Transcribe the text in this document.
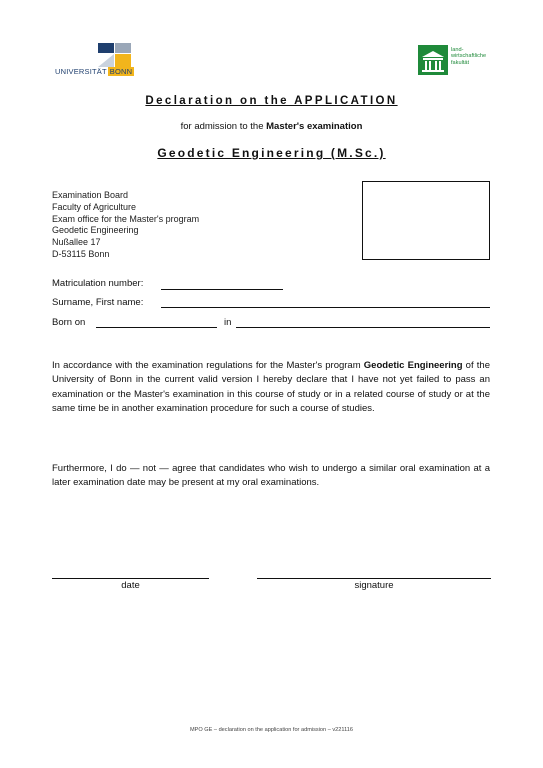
UNIVERSITÄT BONN
land-
wirtschaftliche
fakultät
Declaration on the APPLICATION
for admission to the Master's examination
Geodetic Engineering (M.Sc.)
Examination Board
Faculty of Agriculture
Exam office for the Master's program
Geodetic Engineering
Nußallee 17
D-53115 Bonn
Matriculation number:
Surname, First name:
Born on	in
In accordance with the examination regulations for the Master's program Geodetic Engineering of the University of Bonn in the current valid version I hereby declare that I have not yet failed to pass an examination or the Master's examination in this course of study or in a related course of study or at the same time be in another examination procedure for such a course of studies.
Furthermore, I do — not — agree that candidates who wish to undergo a similar oral examination at a later examination date may be present at my oral examinations.
date	signature
MPO GE – declaration on the application for admission – v221116
